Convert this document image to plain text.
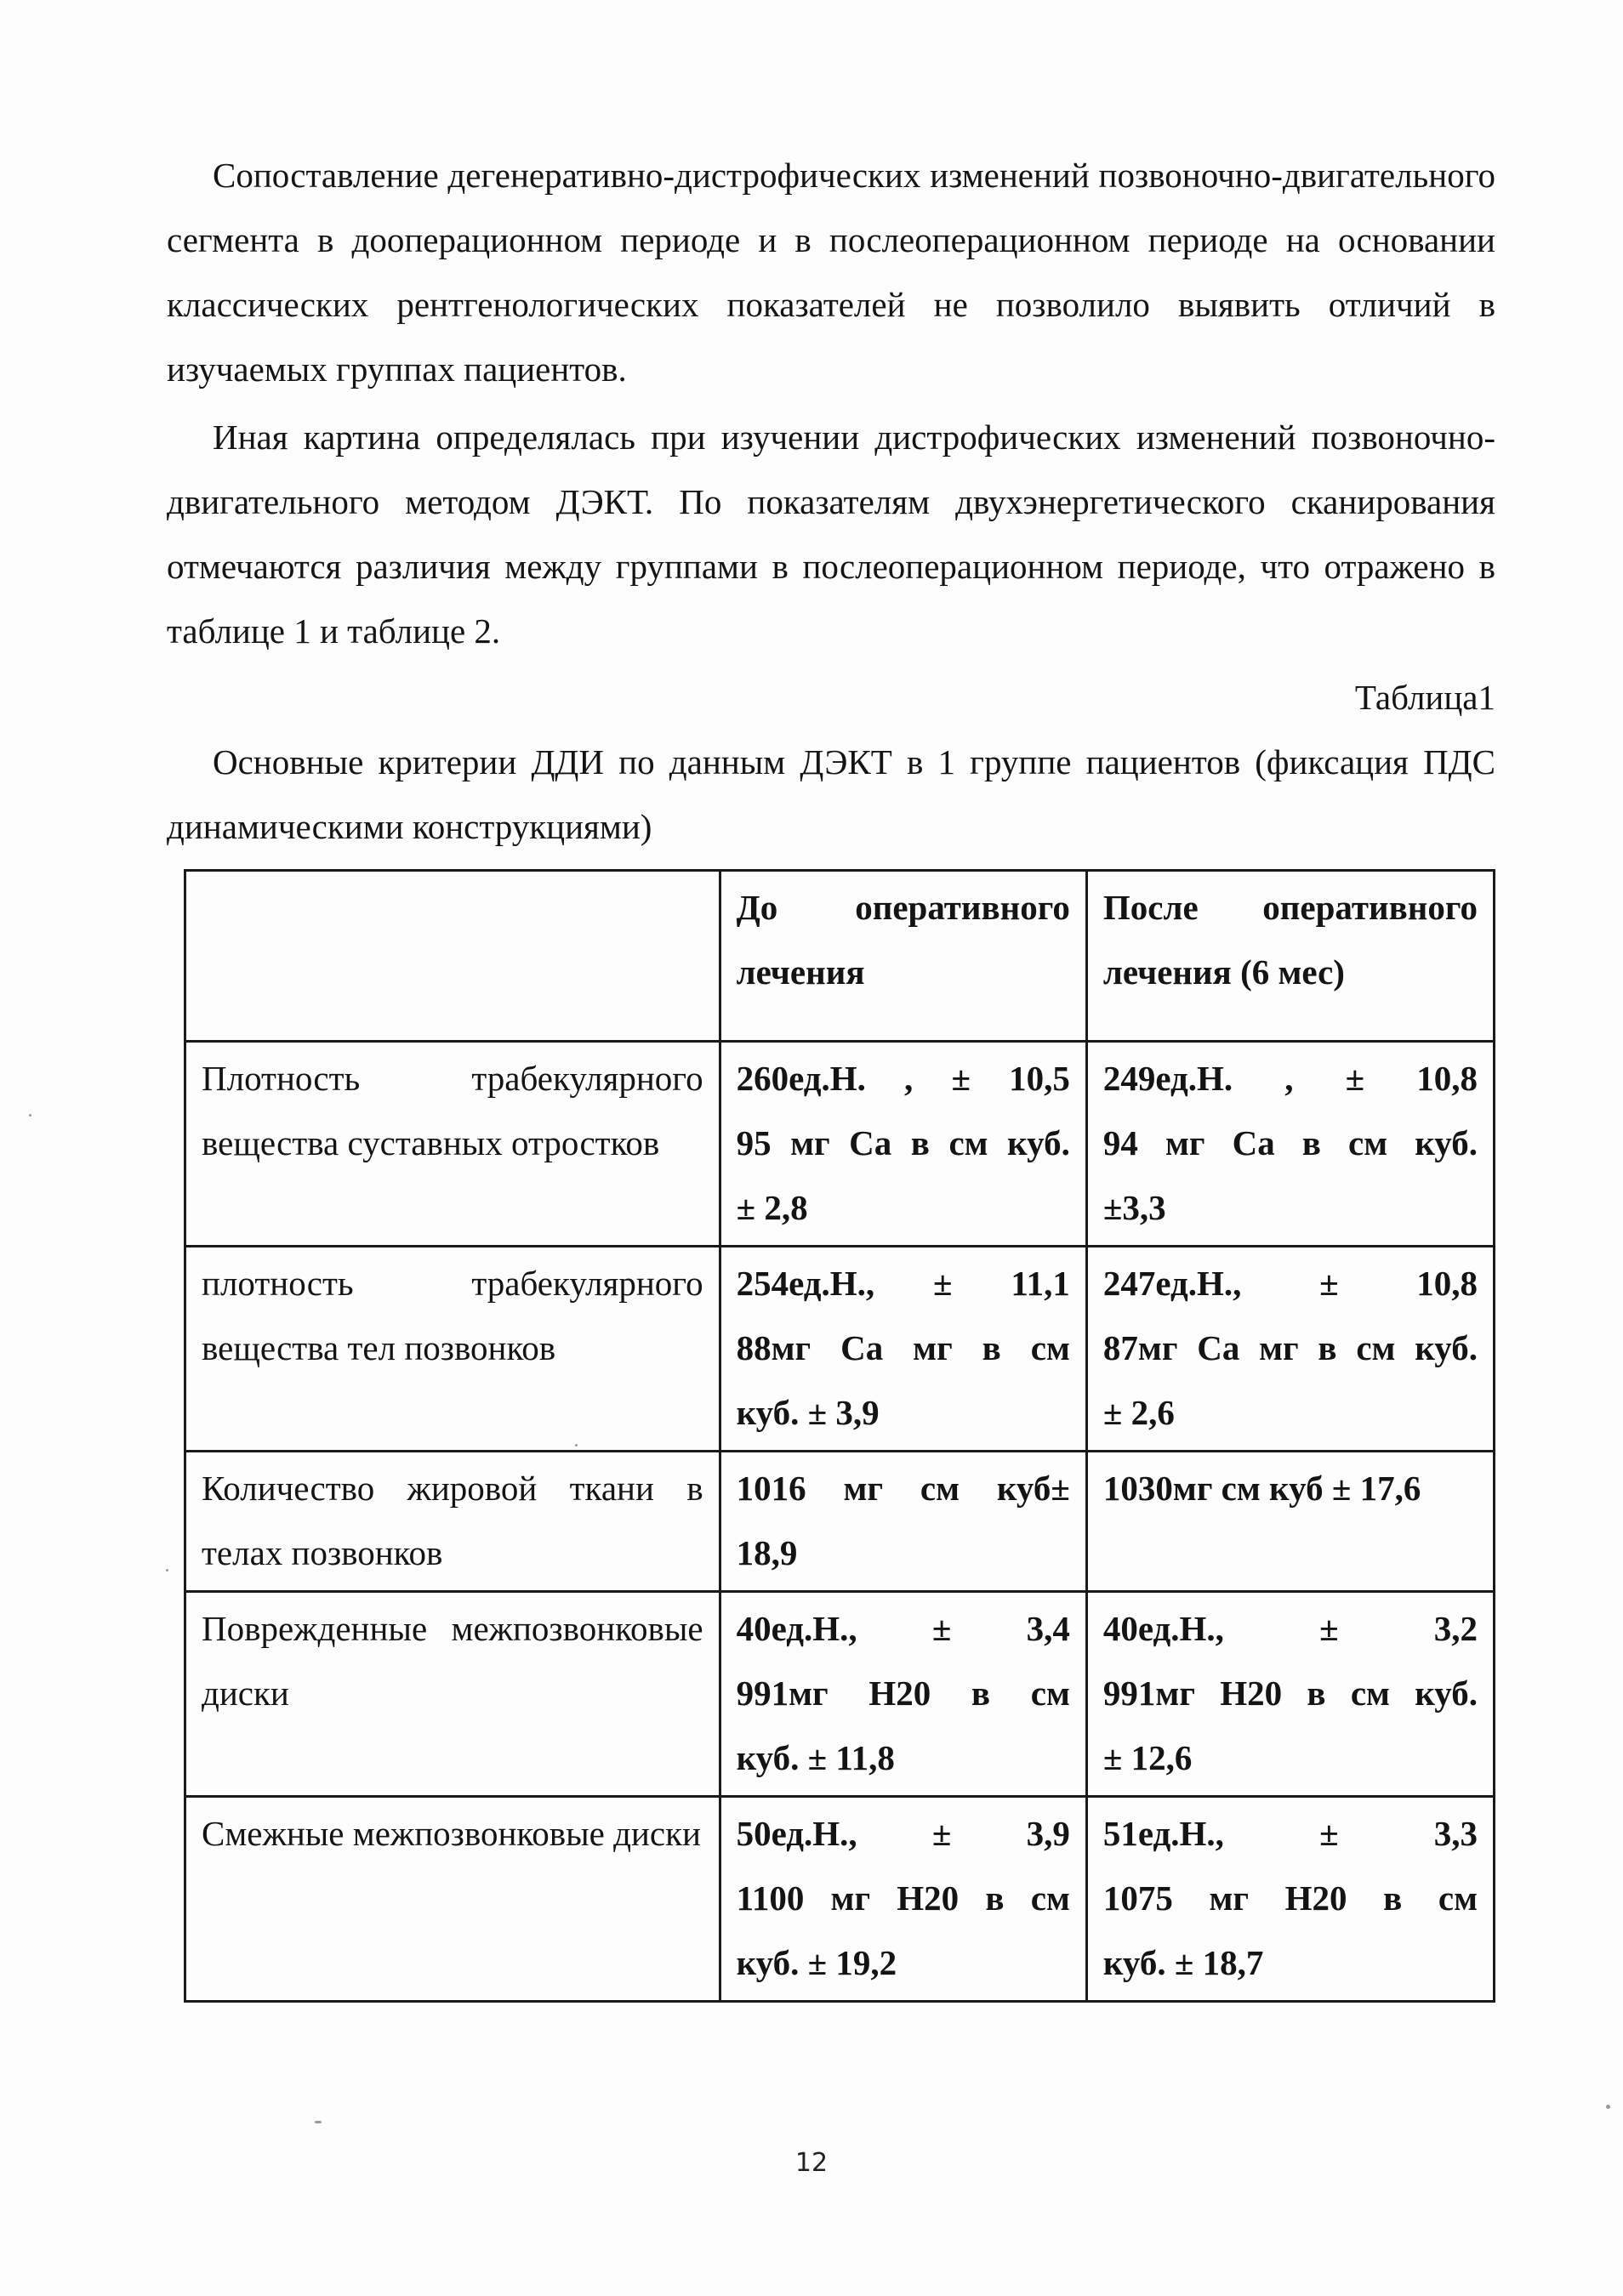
Сопоставление дегенеративно-дистрофических изменений позвоночно-двигательного сегмента в дооперационном периоде и в послеоперационном периоде на основании классических рентгенологических показателей не позволило выявить отличий в изучаемых группах пациентов.

Иная картина определялась при изучении дистрофических изменений позвоночно-двигательного методом ДЭКТ. По показателям двухэнергетического сканирования отмечаются различия между группами в послеоперационном периоде, что отражено в таблице 1 и таблице 2.

Таблица1

Основные критерии ДДИ по данным ДЭКТ в 1 группе пациентов (фиксация ПДС динамическими конструкциями)

	До оперативного лечения	После оперативного лечения (6 мес)
Плотность трабекулярного вещества суставных отростков	260ед.Н. , ± 10,5
95 мг Са в см куб.
± 2,8	249ед.Н. , ± 10,8
94 мг Са в см куб.
±3,3

плотность трабекулярного вещества тел позвонков	254ед.Н., ± 11,1
88мг Са мг в см
куб. ± 3,9	247ед.Н., ± 10,8
87мг Са мг в см куб.
± 2,6

Количество жировой ткани в телах позвонков	1016 мг см куб±
18,9	1030мг см куб ± 17,6

Поврежденные межпозвонковые диски	40ед.Н., ± 3,4
991мг Н20 в см
куб. ± 11,8	40ед.Н., ± 3,2
991мг Н20 в см куб.
± 12,6

Смежные межпозвонковые диски	50ед.Н., ± 3,9
1100 мг Н20 в см
куб. ± 19,2	51ед.Н., ± 3,3
1075 мг Н20 в см
куб. ± 18,7
12
